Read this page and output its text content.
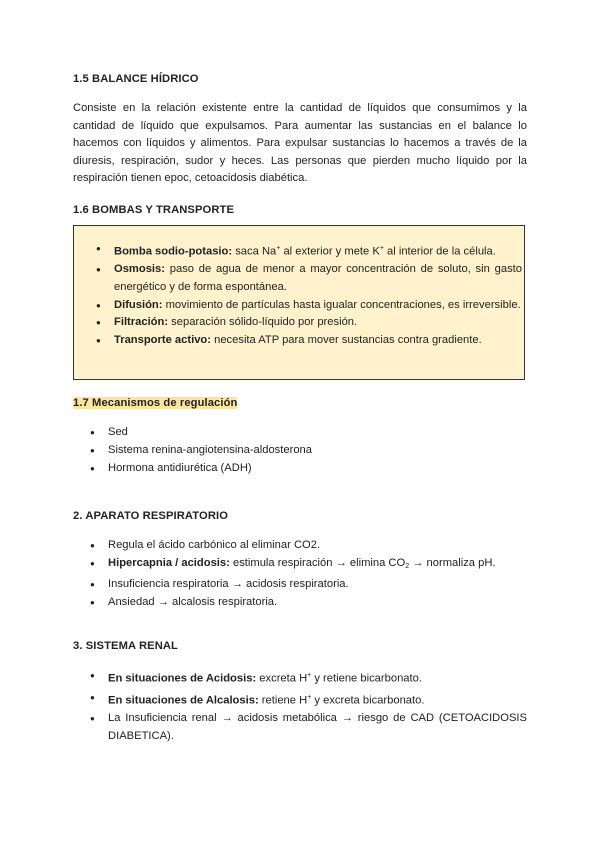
1.5 BALANCE HÍDRICO

Consiste en la relación existente entre la cantidad de líquidos que consumimos y la cantidad de líquido que expulsamos. Para aumentar las sustancias en el balance lo hacemos con líquidos y alimentos. Para expulsar sustancias lo hacemos a través de la diuresis, respiración, sudor y heces. Las personas que pierden mucho líquido por la respiración tienen epoc, cetoacidosis diabética.

1.6 BOMBAS Y TRANSPORTE
● Bomba sodio-potasio: saca Na+ al exterior y mete K+ al interior de la célula.
● Osmosis: paso de agua de menor a mayor concentración de soluto, sin gasto energético y de forma espontánea.
● Difusión: movimiento de partículas hasta igualar concentraciones, es irreversible.
● Filtración: separación sólido-líquido por presión.
● Transporte activo: necesita ATP para mover sustancias contra gradiente.
1.7 Mecanismos de regulación
● Sed
● Sistema renina-angiotensina-aldosterona
● Hormona antidiurética (ADH)
2. APARATO RESPIRATORIO
● Regula el ácido carbónico al eliminar CO2.
● Hipercapnia / acidosis: estimula respiración → elimina $CO_2$ → normaliza pH.
● Insuficiencia respiratoria → acidosis respiratoria.
● Ansiedad → alcalosis respiratoria.
3. SISTEMA RENAL
● En situaciones de Acidosis: excreta H+ y retiene bicarbonato.
● En situaciones de Alcalosis: retiene H+ y excreta bicarbonato.
● La Insuficiencia renal → acidosis metabólica → riesgo de CAD (CETOACIDOSIS DIABETICA).
